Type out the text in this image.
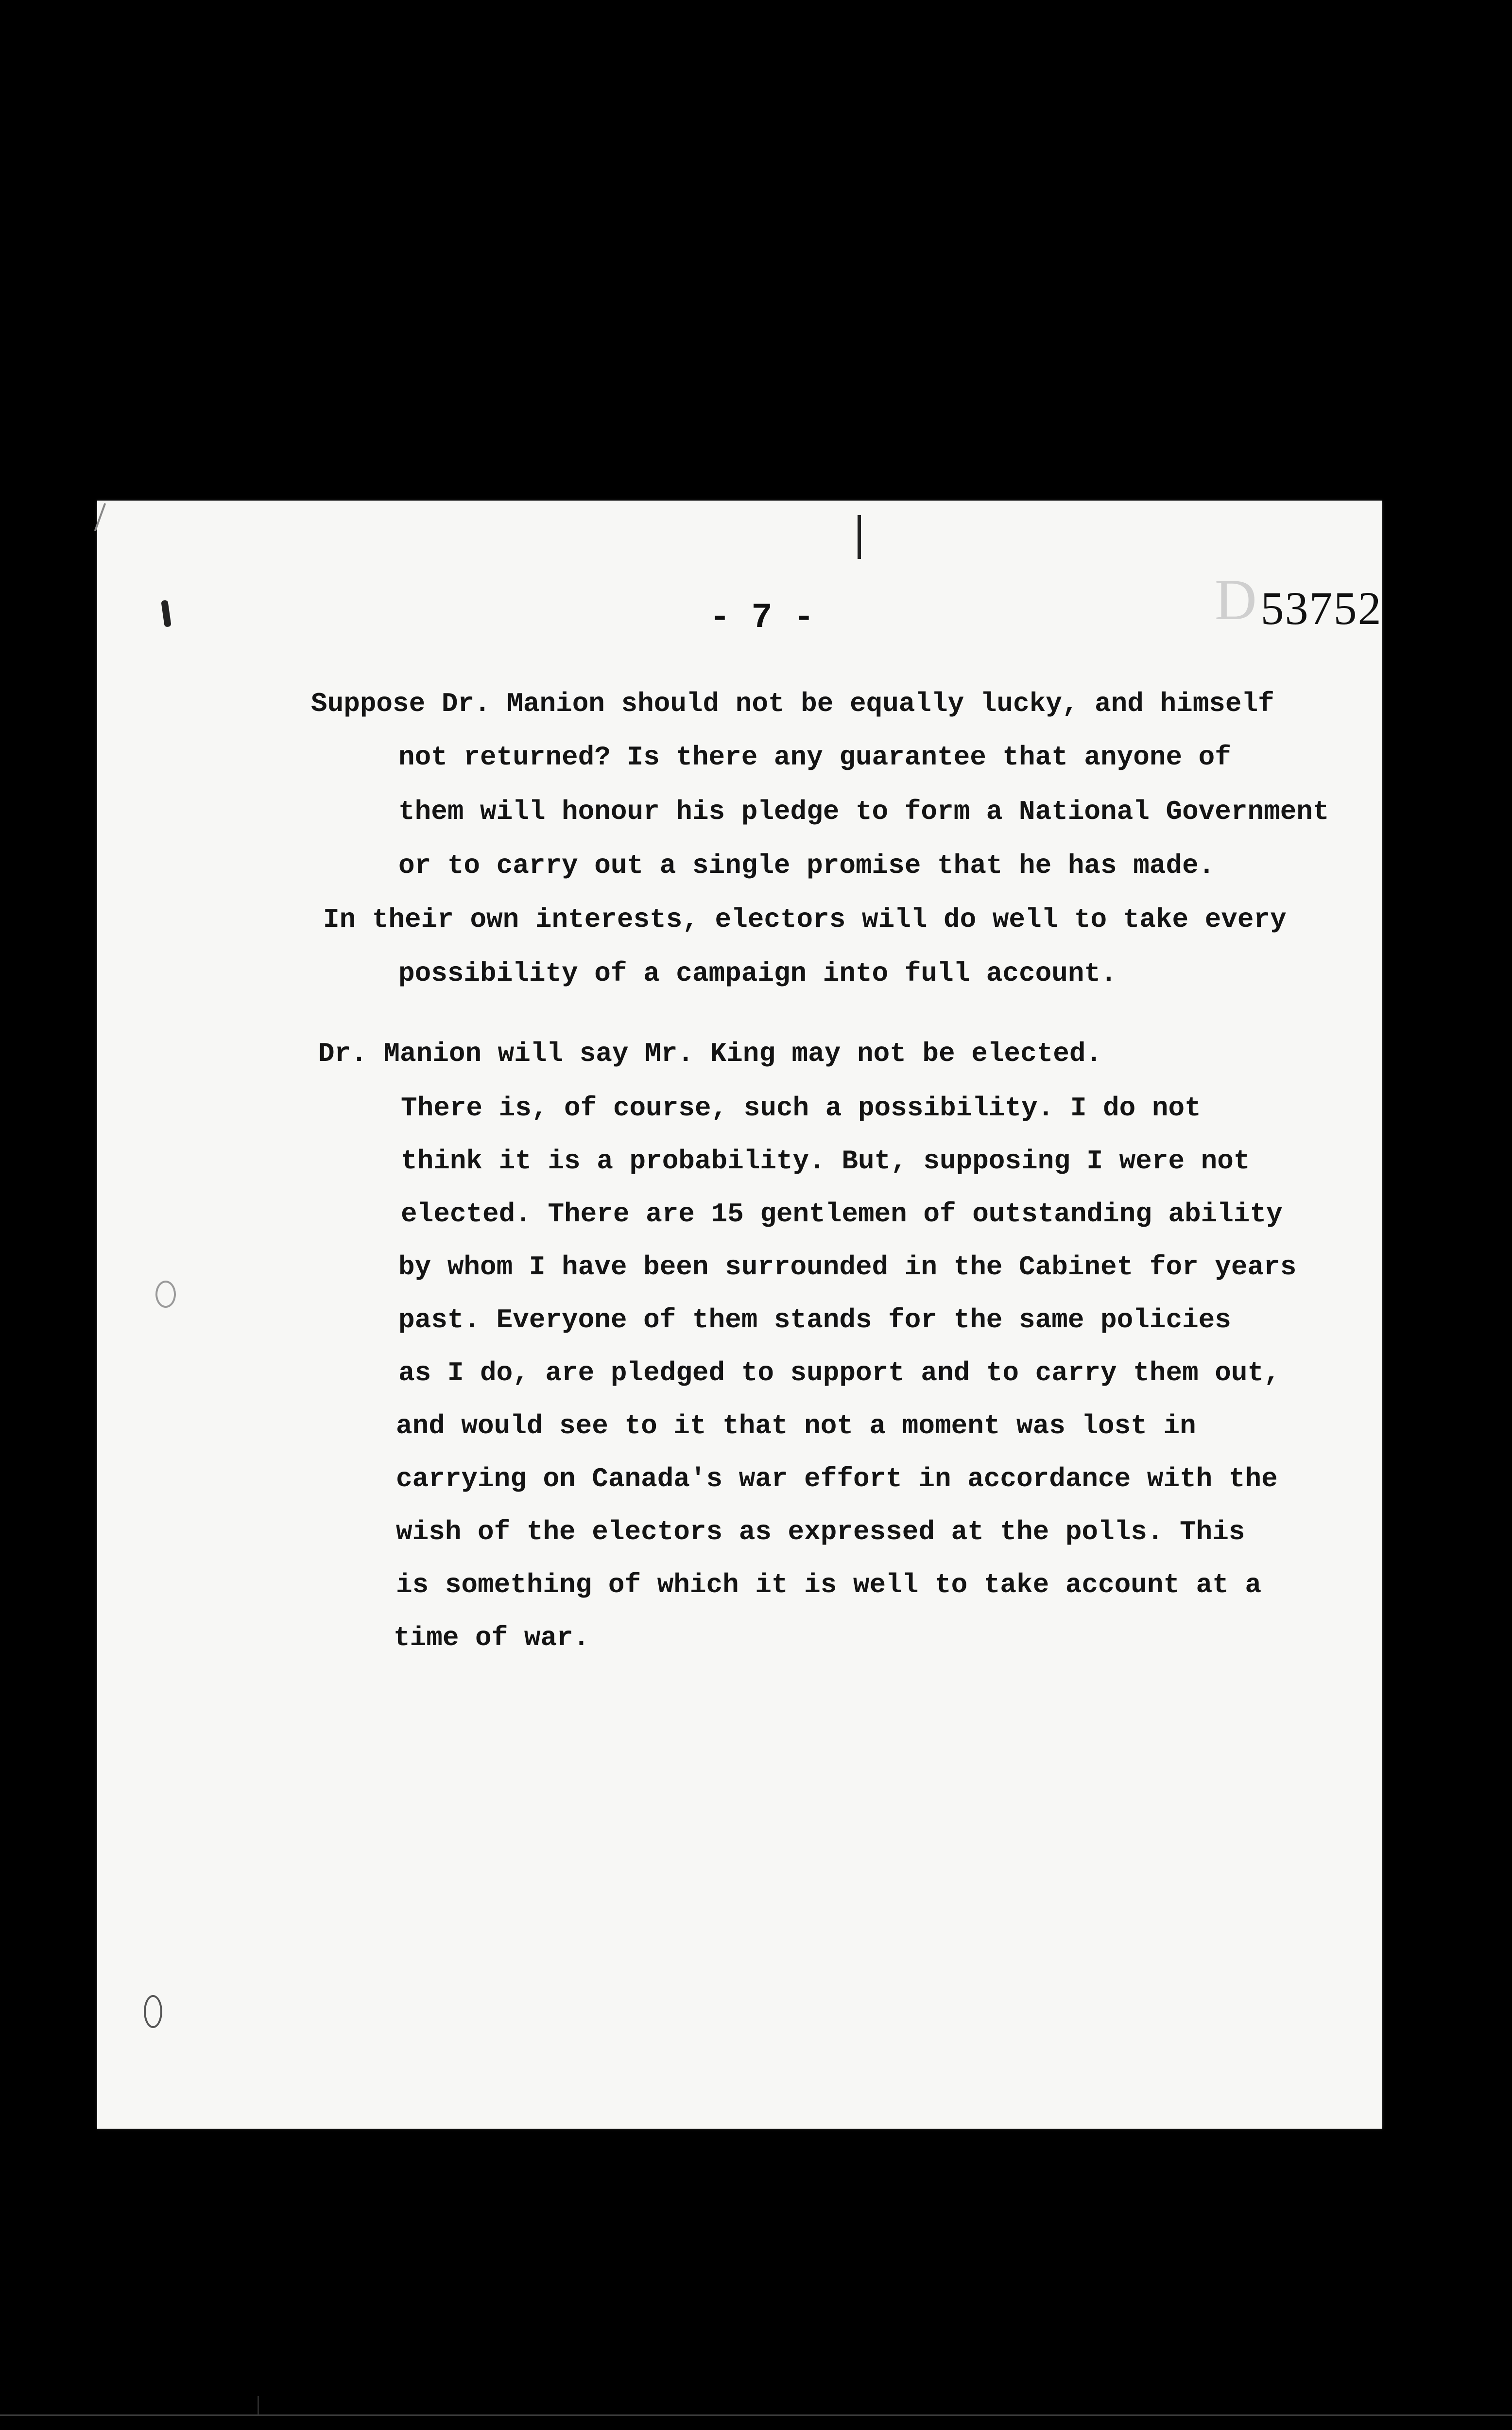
D53752
- 7 -
Suppose Dr. Manion should not be equally lucky, and himself
not returned? Is there any guarantee that anyone of
them will honour his pledge to form a National Government
or to carry out a single promise that he has made.
In their own interests, electors will do well to take every
possibility of a campaign into full account.
Dr. Manion will say Mr. King may not be elected.
There is, of course, such a possibility. I do not
think it is a probability. But, supposing I were not
elected. There are 15 gentlemen of outstanding ability
by whom I have been surrounded in the Cabinet for years
past. Everyone of them stands for the same policies
as I do, are pledged to support and to carry them out,
and would see to it that not a moment was lost in
carrying on Canada's war effort in accordance with the
wish of the electors as expressed at the polls. This
is something of which it is well to take account at a
time of war.
